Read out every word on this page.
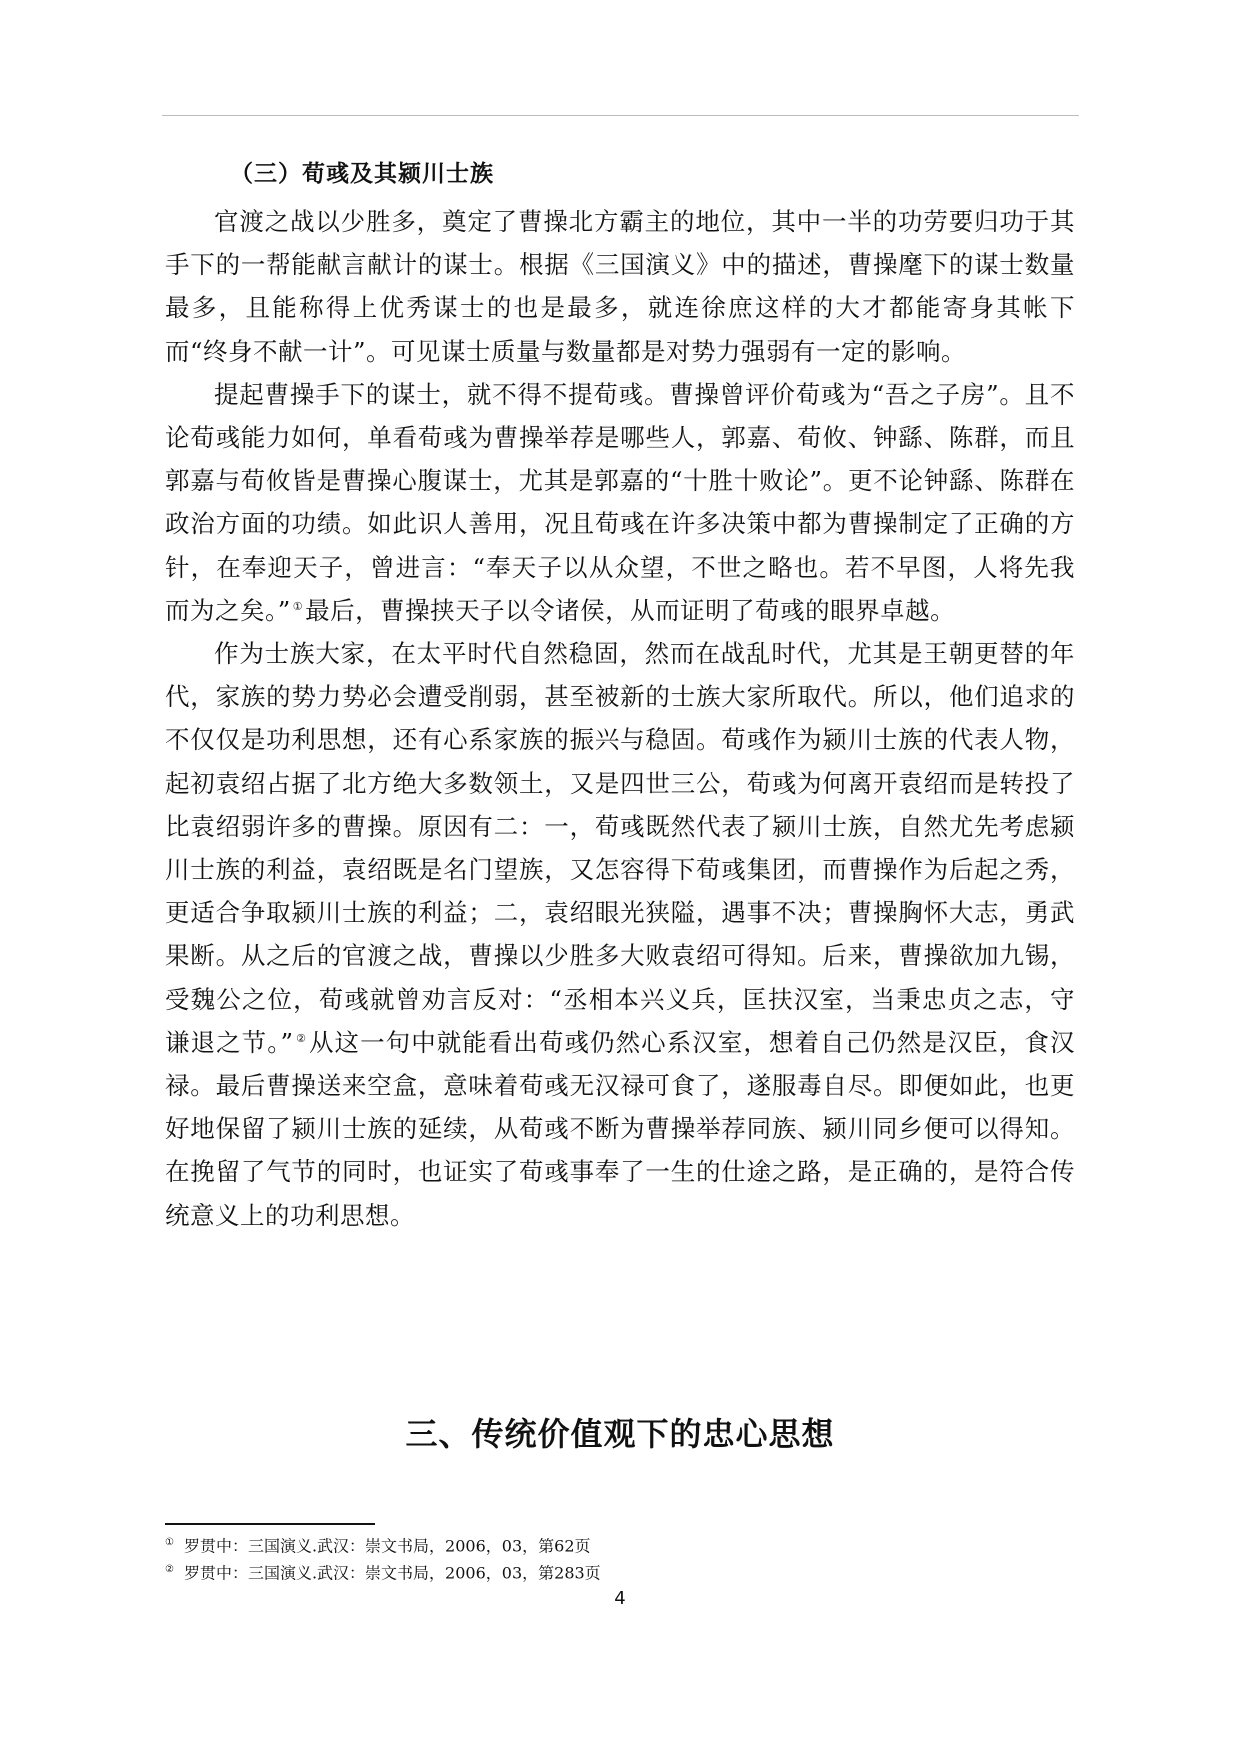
（三）荀彧及其颍川士族

官渡之战以少胜多，奠定了曹操北方霸主的地位，其中一半的功劳要归功于其手下的一帮能献言献计的谋士。根据《三国演义》中的描述，曹操麾下的谋士数量最多，且能称得上优秀谋士的也是最多，就连徐庶这样的大才都能寄身其帐下而“终身不献一计”。可见谋士质量与数量都是对势力强弱有一定的影响。

提起曹操手下的谋士，就不得不提荀彧。曹操曾评价荀彧为“吾之子房”。且不论荀彧能力如何，单看荀彧为曹操举荐是哪些人，郭嘉、荀攸、钟繇、陈群，而且郭嘉与荀攸皆是曹操心腹谋士，尤其是郭嘉的“十胜十败论”。更不论钟繇、陈群在政治方面的功绩。如此识人善用，况且荀彧在许多决策中都为曹操制定了正确的方针，在奉迎天子，曾进言：“奉天子以从众望，不世之略也。若不早图，人将先我而为之矣。” ①最后，曹操挟天子以令诸侯，从而证明了荀彧的眼界卓越。

作为士族大家，在太平时代自然稳固，然而在战乱时代，尤其是王朝更替的年代，家族的势力势必会遭受削弱，甚至被新的士族大家所取代。所以，他们追求的不仅仅是功利思想，还有心系家族的振兴与稳固。荀彧作为颍川士族的代表人物，起初袁绍占据了北方绝大多数领土，又是四世三公，荀彧为何离开袁绍而是转投了比袁绍弱许多的曹操。原因有二：一，荀彧既然代表了颍川士族，自然尤先考虑颍川士族的利益，袁绍既是名门望族，又怎容得下荀彧集团，而曹操作为后起之秀，更适合争取颍川士族的利益；二，袁绍眼光狭隘，遇事不决；曹操胸怀大志，勇武果断。从之后的官渡之战，曹操以少胜多大败袁绍可得知。后来，曹操欲加九锡，受魏公之位，荀彧就曾劝言反对：“丞相本兴义兵，匡扶汉室，当秉忠贞之志，守谦退之节。” ②从这一句中就能看出荀彧仍然心系汉室，想着自己仍然是汉臣，食汉禄。最后曹操送来空盒，意味着荀彧无汉禄可食了，遂服毒自尽。即便如此，也更好地保留了颍川士族的延续，从荀彧不断为曹操举荐同族、颍川同乡便可以得知。在挽留了气节的同时，也证实了荀彧事奉了一生的仕途之路，是正确的，是符合传统意义上的功利思想。

三、传统价值观下的忠心思想
① 罗贯中：三国演义.武汉：崇文书局，2006，03，第62页
② 罗贯中：三国演义.武汉：崇文书局，2006，03，第283页
4
